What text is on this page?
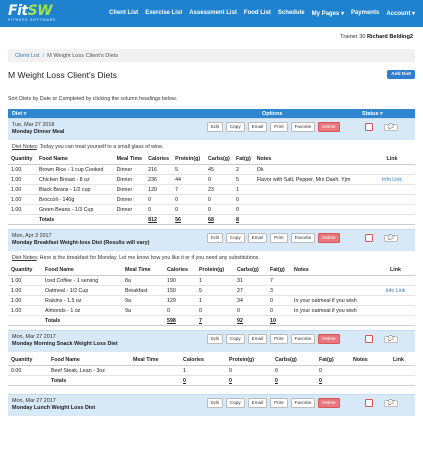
FitSW
FITNESS SOFTWARE
Client List Exercise List Assessment List Food List Schedule My Pages ▾ Payments Account ▾
Trainer 30 Richard Belding2
Client List / M Weight Loss Client's Diets
M Weight Loss Client's Diets	Add Diet
Sort Diets by Date or Completed by clicking the column headings below.
Diet ▿	Options	Status ▿
Tue, Mar 27 2018
Monday Dinner Meal
Edit	Copy	Email	Print	Favorite	Delete	💬
Diet Notes: Today you can treat yourself to a small glass of wine.
Quantity	Food Name	Meal Time	Calories	Protein(g)	Carbs(g)	Fat(g)	Notes	Link
1.00	Brown Rice - 1 cup Cooked	Dinner	216	5	45	2	Ok	
1.00	Chicken Breast - 8 oz	Dinner	236	44	0	5	Flavor with Salt, Pepper, Mrs Dash. Yjm	Info Link
1.00	Black Beans - 1/2 cup	Dinner	120	7	23	1		
1.00	Broccoli - 140g	Dinner	0	0	0	0		
1.00	Green Beans - 1/3 Cup	Dinner	0	0	0	0		
	Totals		812	56	68	8		
Mon, Apr 3 2017
Monday Breakfast Weight-loss Diet (Results will vary)
Edit	Copy	Email	Print	Favorite	Delete	💬
Diet Notes: Here is the breakfast for Monday. Let me know how you like it or if you need any substitutions.
Quantity	Food Name	Meal Time	Calories	Protein(g)	Carbs(g)	Fat(g)	Notes	Link
1.00	Iced Coffee - 1 serving	8a	190	1	31	7		
1.00	Oatmeal - 1/2 Cup	Breakfast	150	5	27	3		Info Link
1.00	Raisins - 1.5 oz	9a	129	1	34	0	In your oatmeal if you wish	
1.00	Almonds - 1 oz	9a	0	0	0	0	In your oatmeal if you wish	
	Totals		598	7	92	10		
Mon, Mar 27 2017
Monday Morning Snack Weight Loss Diet
Edit	Copy	Email	Print	Favorite	Delete	💬
Quantity	Food Name	Meal Time	Calories	Protein(g)	Carbs(g)	Fat(g)	Notes	Link
0.00	Beef Steak, Lean - 3oz		1	0	0	0		
	Totals		0	0	0	0		
Mon, Mar 27 2017
Monday Lunch Weight Loss Diet
Edit	Copy	Email	Print	Favorite	Delete	💬
